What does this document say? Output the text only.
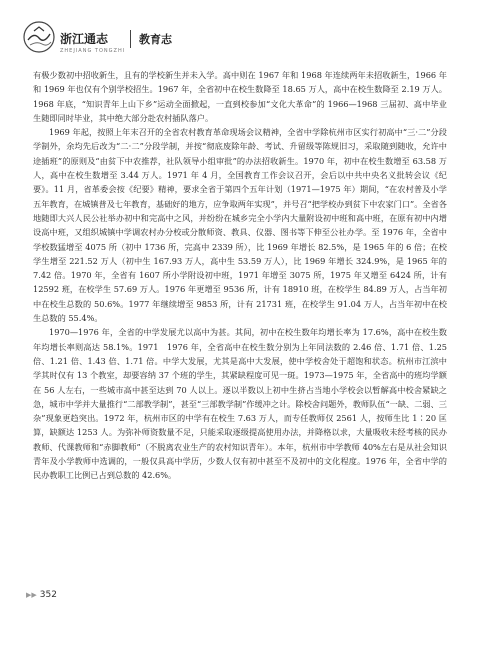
浙江通志
ZHEJIANG TONGZHI
教育志

有极少数初中招收新生，且有的学校新生并未入学。高中则在 1967 年和 1968 年连续两年未招收新生，1966 年和 1969 年也仅有个别学校招生。1967 年，全省初中在校生数降至 18.65 万人，高中在校生数降至 2.19 万人。1968 年底，“知识青年上山下乡”运动全面掀起，一直到校参加“文化大革命”的 1966—1968 三届初、高中毕业生随即同时毕业，其中绝大部分赴农村插队落户。

1969 年起，按照上年末召开的全省农村教育革命现场会议精神，全省中学除杭州市区实行初高中“三·二”分段学制外，余均先后改为“二·二”分段学制，并按“彻底废除年龄、考试、升留级等陈规旧习，采取随到随收，允许中途插班”的原则及“由贫下中农推荐，社队领导小组审批”的办法招收新生。1970 年，初中在校生数增至 63.58 万人，高中在校生数增至 3.44 万人。1971 年 4 月，全国教育工作会议召开，会后以中共中央名义批转会议《纪要》。11 月，省革委会按《纪要》精神，要求全省于第四个五年计划（1971—1975 年）期间，“在农村普及小学五年教育，在城镇普及七年教育，基础好的地方，应争取两年实现”，并号召“把学校办到贫下中农家门口”。全省各地随即大兴人民公社举办初中和完高中之风，并纷纷在城乡完全小学内大量附设初中班和高中班，在原有初中内增设高中班，又组织城镇中学调农村办分校或分散师资、教具、仪器、图书等下伸至公社办学。至 1976 年，全省中学校数猛增至 4075 所（初中 1736 所，完高中 2339 所），比 1969 年增长 82.5%，是 1965 年的 6 倍；在校学生增至 221.52 万人（初中生 167.93 万人，高中生 53.59 万人），比 1969 年增长 324.9%，是 1965 年的 7.42 倍。1970 年，全省有 1607 所小学附设初中班，1971 年增至 3075 所，1975 年又增至 6424 所，计有 12592 班，在校学生 57.69 万人。1976 年更增至 9536 所，计有 18910 班，在校学生 84.89 万人，占当年初中在校生总数的 50.6%。1977 年继续增至 9853 所，计有 21731 班，在校学生 91.04 万人，占当年初中在校生总数的 55.4%。

1970—1976 年，全省的中学发展尤以高中为甚。其间，初中在校生数年均增长率为 17.6%，高中在校生数年均增长率则高达 58.1%。1971　1976 年，全省高中在校生数分别为上年同法数的 2.46 倍、1.71 倍、1.25 倍、1.21 倍、1.43 倍、1.71 倍。中学大发展，尤其是高中大发展，使中学校舍处于超饱和状态。杭州市江滨中学其时仅有 13 个教室，却要容纳 37 个班的学生，其紧缺程度可见一斑。1973—1975 年，全省高中的班均学额在 56 人左右，一些城市高中甚至达到 70 人以上。逐以半数以上初中生挤占当地小学校会以暂解高中校舍紧缺之急，城市中学并大量推行“二部教学制”，甚至“三部教学制”作缓冲之计。除校舍问题外，教师队伍“一缺、二弱、三杂”现象更趋突出。1972 年，杭州市区的中学有在校生 7.63 万人，而专任教师仅 2561 人，按师生比 1∶20 匡算，缺额达 1253 人。为弥补师资数量不足，只能采取逐级提高使用办法，并降格以求，大量吸收未经考核的民办教师、代课教师和“赤脚教师”（不脱离农业生产的农村知识青年）。本年，杭州市中学教师 40%左右是从社会知识青年及小学教师中选调的，一般仅具高中学历，少数人仅有初中甚至不及初中的文化程度。1976 年，全省中学的民办教职工比例已占到总数的 42.6%。

▶▶ 352
